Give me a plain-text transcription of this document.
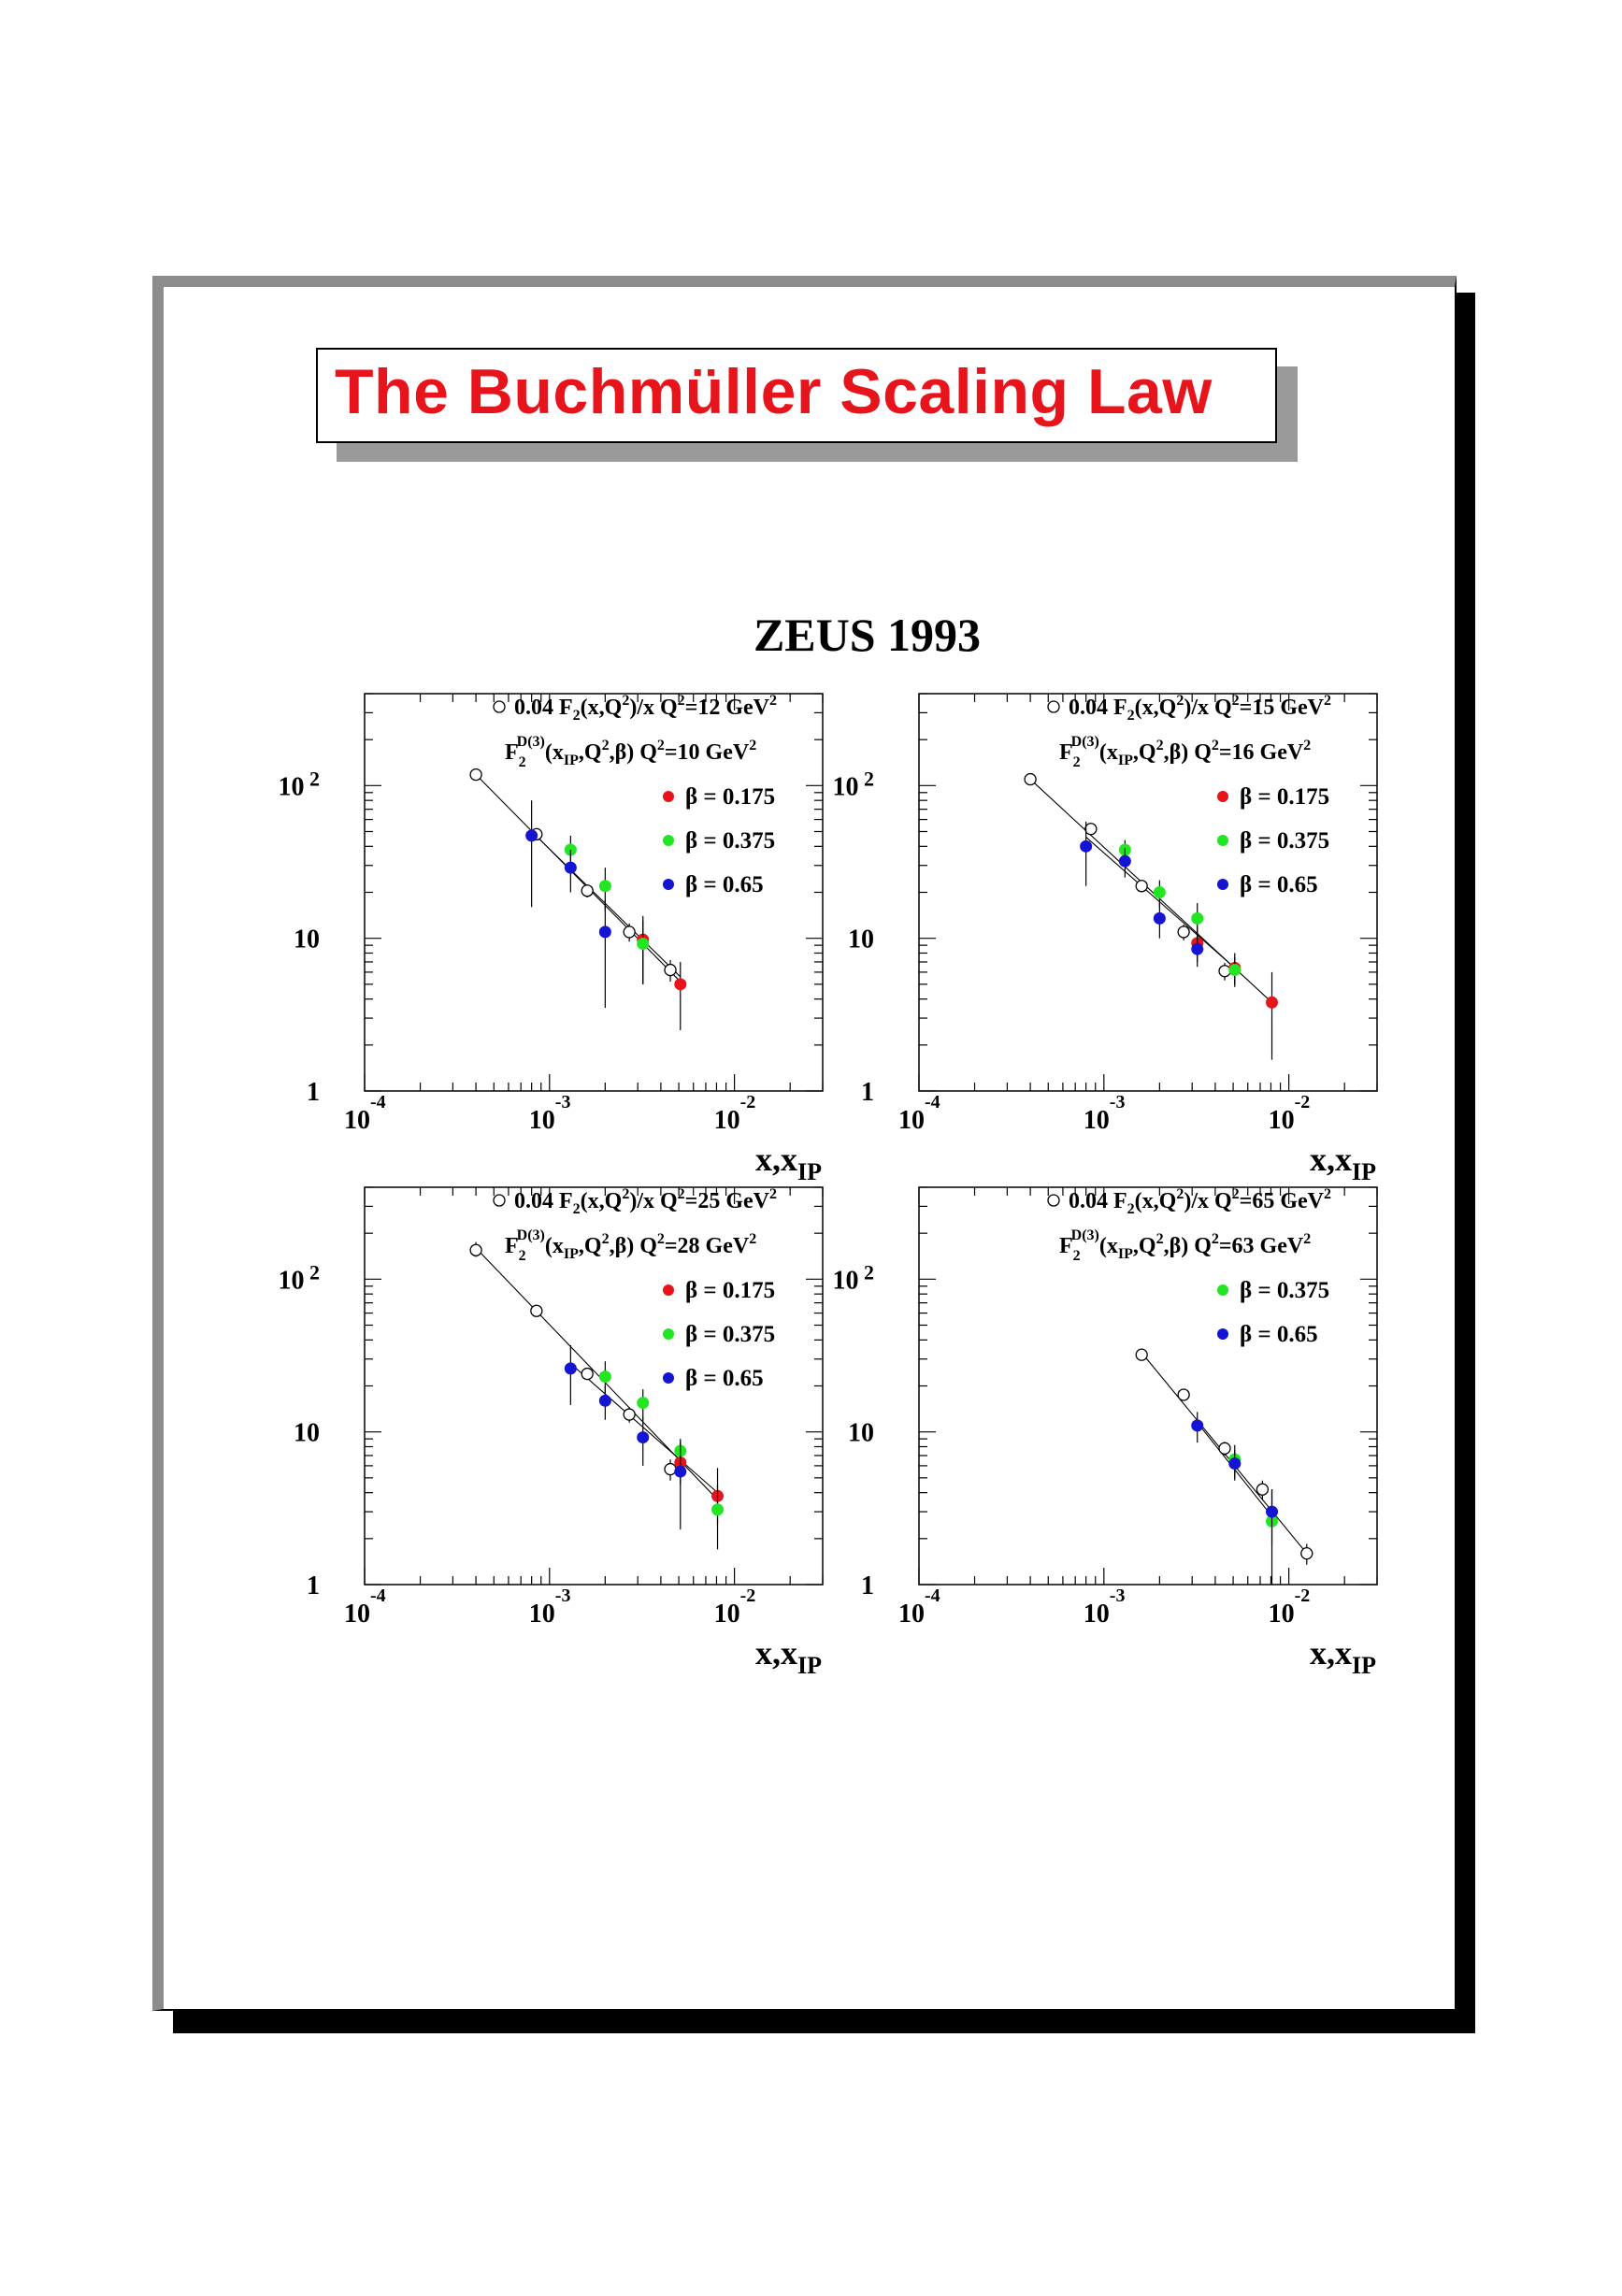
The Buchmüller Scaling Law
ZEUS 1993
$10^{-4}$
$10^{-3}$
$10^{-2}$
1
10
10 $^2$
$x,x_{IP}$
0.04 $F_2(x,Q^2)/x$ $Q^2=12$ GeV$^2$
$F_2D(3)(x_{IP},Q^2,\beta)$ $Q^2=10$ GeV$^2$
β = 0.175
β = 0.375
β = 0.65
$10^{-4}$
$10^{-3}$
$10^{-2}$
1
10
10 $^2$
$x,x_{IP}$
0.04 $F_2(x,Q^2)/x$ $Q^2=15$ GeV$^2$
$F_2D(3)(x_{IP},Q^2,\beta)$ $Q^2=16$ GeV$^2$
β = 0.175
β = 0.375
β = 0.65
$10^{-4}$
$10^{-3}$
$10^{-2}$
1
10
10 $^2$
$x,x_{IP}$
0.04 $F_2(x,Q^2)/x$ $Q^2=25$ GeV$^2$
$F_2D(3)(x_{IP},Q^2,\beta)$ $Q^2=28$ GeV$^2$
β = 0.175
β = 0.375
β = 0.65
$10^{-4}$
$10^{-3}$
$10^{-2}$
1
10
10 $^2$
$x,x_{IP}$
0.04 $F_2(x,Q^2)/x$ $Q^2=65$ GeV$^2$
$F_2D(3)(x_{IP},Q^2,\beta)$ $Q^2=63$ GeV$^2$
β = 0.375
β = 0.65
